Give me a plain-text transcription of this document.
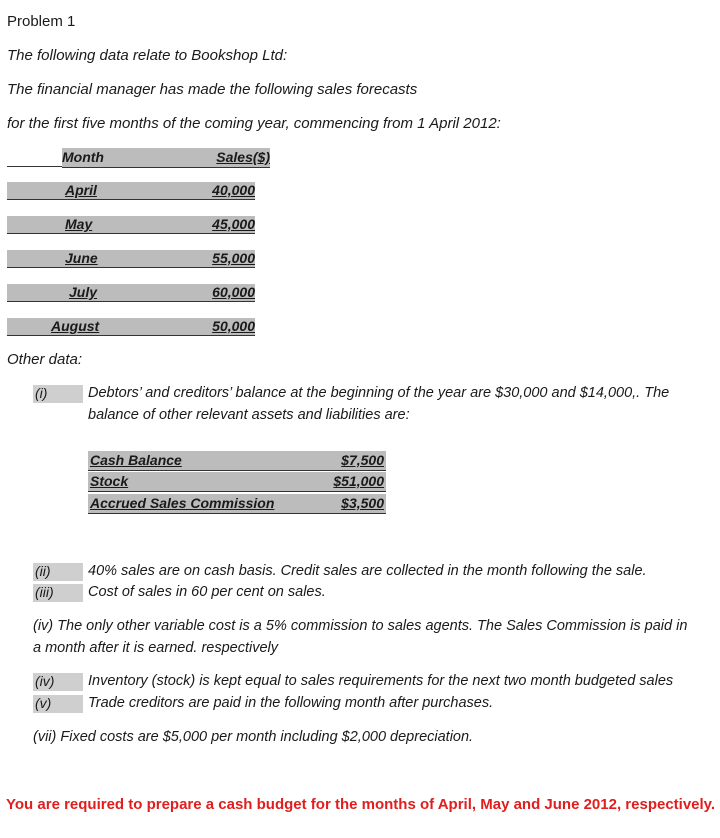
Problem 1
The following data relate to Bookshop Ltd:
The financial manager has made the following sales forecasts
for the first five months of the coming year, commencing from 1 April 2012:
Month	Sales($)
April	40,000
May	45,000
June	55,000
July	60,000
August	50,000
Other data:
(i)	Debtors’ and creditors’ balance at the beginning of the year are $30,000 and $14,000,. The
balance of other relevant assets and liabilities are:
Cash Balance	$7,500
Stock	$51,000
Accrued Sales Commission	$3,500
(ii)	40% sales are on cash basis. Credit sales are collected in the month following the sale.
(iii)	Cost of sales in 60 per cent on sales.
(iv) The only other variable cost is a 5% commission to sales agents. The Sales Commission is paid in
a month after it is earned. respectively
(iv)	Inventory (stock) is kept equal to sales requirements for the next two month budgeted sales
(v)	Trade creditors are paid in the following month after purchases.
(vii) Fixed costs are $5,000 per month including $2,000 depreciation.
You are required to prepare a cash budget for the months of April, May and June 2012, respectively.
